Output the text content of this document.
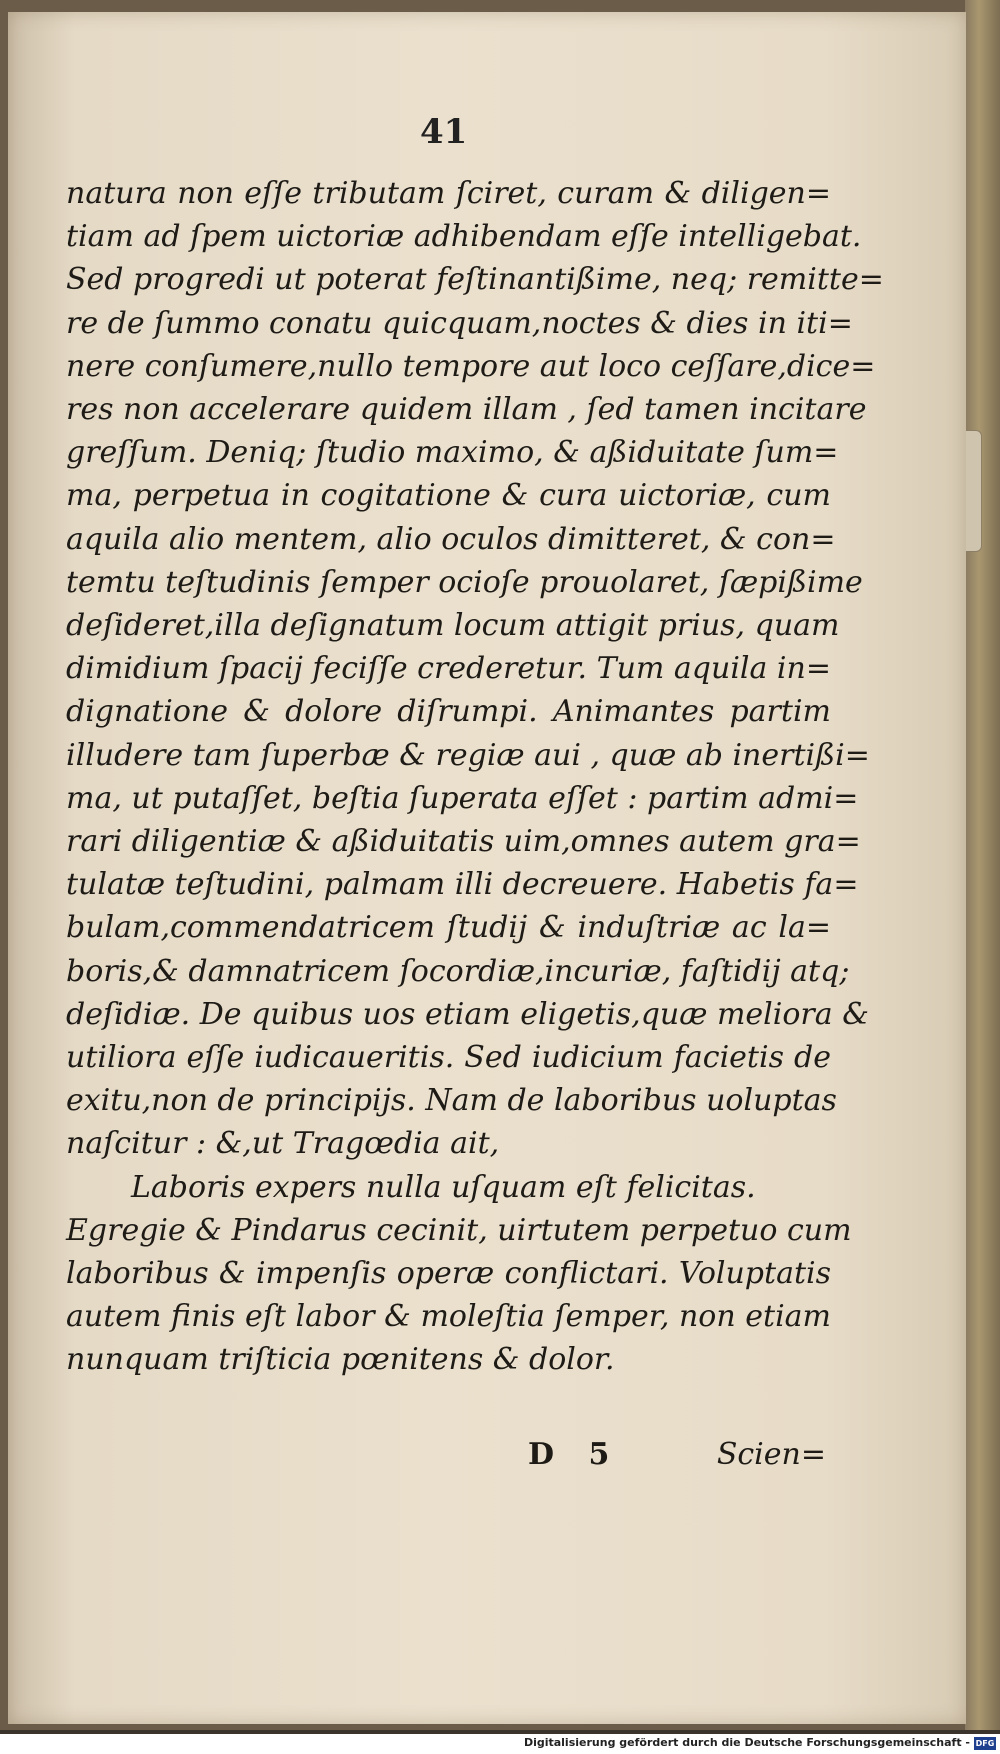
41
natura non eſſe tributam ſciret, curam & diligen=
tiam ad ſpem uictoriæ adhibendam eſſe intelligebat.
Sed progredi ut poterat feſtinantißime, neq; remitte=
re de ſummo conatu quicquam,noctes & dies in iti=
nere conſumere,nullo tempore aut loco ceſſare,dice=
res non accelerare quidem illam , ſed tamen incitare
greſſum. Deniq; ſtudio maximo, & aßiduitate ſum=
ma, perpetua in cogitatione & cura uictoriæ, cum
aquila alio mentem, alio oculos dimitteret, & con=
temtu teſtudinis ſemper ocioſe prouolaret, ſæpißime
deſideret,illa deſignatum locum attigit prius, quam
dimidium ſpacij feciſſe crederetur. Tum aquila in=
dignatione & dolore diſrumpi. Animantes partim
illudere tam ſuperbæ & regiæ aui , quæ ab inertißi=
ma, ut putaſſet, beſtia ſuperata eſſet : partim admi=
rari diligentiæ & aßiduitatis uim,omnes autem gra=
tulatæ teſtudini, palmam illi decreuere. Habetis fa=
bulam,commendatricem ſtudij & induſtriæ ac la=
boris,& damnatricem ſocordiæ,incuriæ, faſtidij atq;
deſidiæ. De quibus uos etiam eligetis,quæ meliora &
utiliora eſſe iudicaueritis. Sed iudicium facietis de
exitu,non de principijs. Nam de laboribus uoluptas
naſcitur : &,ut Tragœdia ait,
Laboris expers nulla uſquam eſt felicitas.
Egregie & Pindarus cecinit, uirtutem perpetuo cum
laboribus & impenſis operæ conflictari. Voluptatis
autem finis eſt labor & moleſtia ſemper, non etiam
nunquam triſticia pœnitens & dolor.
D 5	Scien=
Digitalisierung gefördert durch die Deutsche Forschungsgemeinschaft - DFG
